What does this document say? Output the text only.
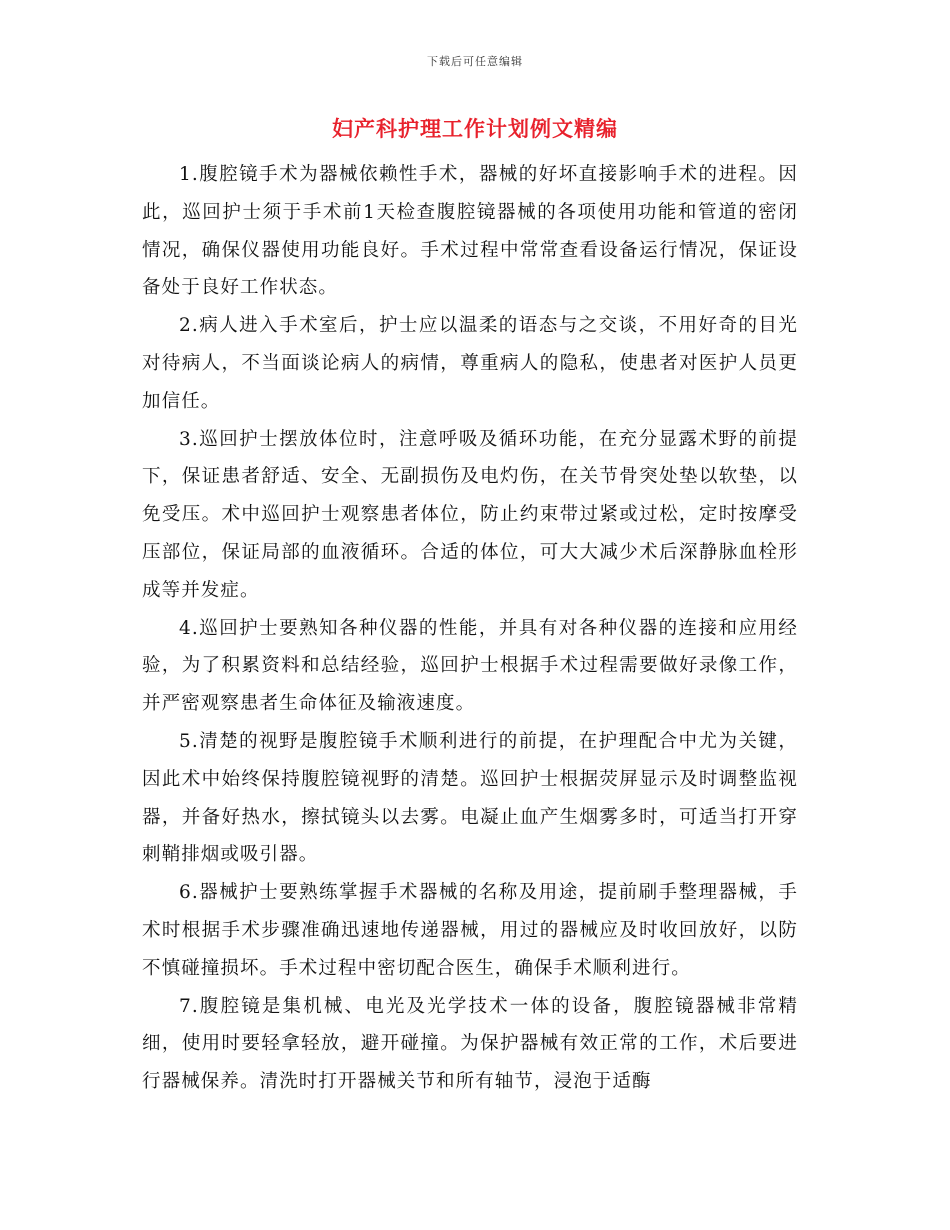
下载后可任意编辑
妇产科护理工作计划例文精编

1.腹腔镜手术为器械依赖性手术，器械的好坏直接影响手术的进程。因此，巡回护士须于手术前1天检查腹腔镜器械的各项使用功能和管道的密闭情况，确保仪器使用功能良好。手术过程中常常查看设备运行情况，保证设备处于良好工作状态。

2.病人进入手术室后，护士应以温柔的语态与之交谈，不用好奇的目光对待病人，不当面谈论病人的病情，尊重病人的隐私，使患者对医护人员更加信任。

3.巡回护士摆放体位时，注意呼吸及循环功能，在充分显露术野的前提下，保证患者舒适、安全、无副损伤及电灼伤，在关节骨突处垫以软垫，以免受压。术中巡回护士观察患者体位，防止约束带过紧或过松，定时按摩受压部位，保证局部的血液循环。合适的体位，可大大减少术后深静脉血栓形成等并发症。

4.巡回护士要熟知各种仪器的性能，并具有对各种仪器的连接和应用经验，为了积累资料和总结经验，巡回护士根据手术过程需要做好录像工作，并严密观察患者生命体征及输液速度。

5.清楚的视野是腹腔镜手术顺利进行的前提，在护理配合中尤为关键，因此术中始终保持腹腔镜视野的清楚。巡回护士根据荧屏显示及时调整监视器，并备好热水，擦拭镜头以去雾。电凝止血产生烟雾多时，可适当打开穿刺鞘排烟或吸引器。

6.器械护士要熟练掌握手术器械的名称及用途，提前刷手整理器械，手术时根据手术步骤准确迅速地传递器械，用过的器械应及时收回放好，以防不慎碰撞损坏。手术过程中密切配合医生，确保手术顺利进行。

7.腹腔镜是集机械、电光及光学技术一体的设备，腹腔镜器械非常精细，使用时要轻拿轻放，避开碰撞。为保护器械有效正常的工作，术后要进行器械保养。清洗时打开器械关节和所有轴节，浸泡于适酶
